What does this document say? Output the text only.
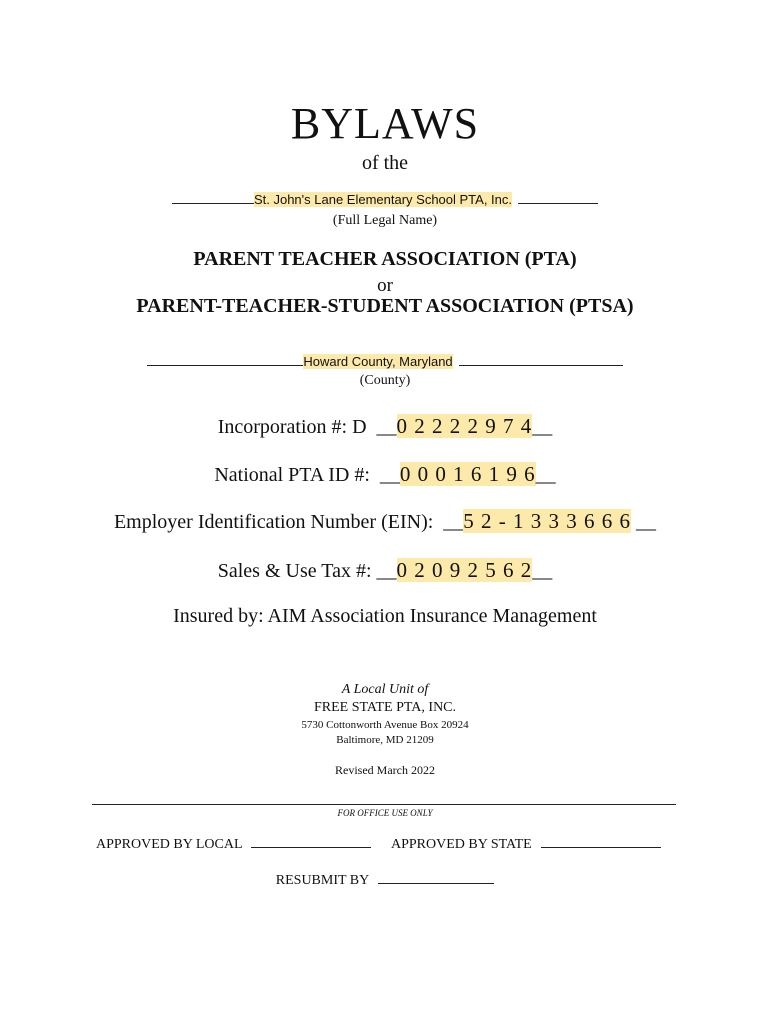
BYLAWS
of the
St. John's Lane Elementary School PTA, Inc.
(Full Legal Name)
PARENT TEACHER ASSOCIATION (PTA)
or
PARENT-TEACHER-STUDENT ASSOCIATION (PTSA)
Howard County, Maryland
(County)
Incorporation #: D  __0 2 2 2 2 9 7 4__
National PTA ID #:  __0 0 0 1 6 1 9 6__
Employer Identification Number (EIN):  __5 2 - 1 3 3 3 6 6 6 __
Sales & Use Tax #: __0 2 0 9 2 5 6 2__
Insured by: AIM Association Insurance Management
A Local Unit of
FREE STATE PTA, INC.
5730 Cottonworth Avenue Box 20924
Baltimore, MD 21209
Revised March 2022
FOR OFFICE USE ONLY
APPROVED BY LOCAL	APPROVED BY STATE
RESUBMIT BY
